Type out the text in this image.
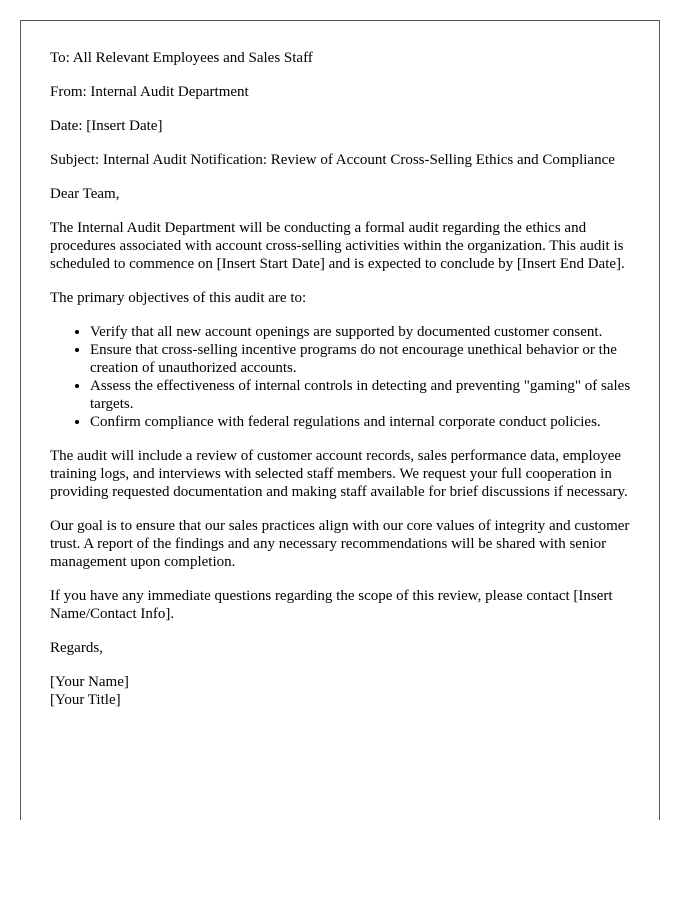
To: All Relevant Employees and Sales Staff

From: Internal Audit Department

Date: [Insert Date]

Subject: Internal Audit Notification: Review of Account Cross-Selling Ethics and Compliance

Dear Team,

The Internal Audit Department will be conducting a formal audit regarding the ethics and procedures associated with account cross-selling activities within the organization. This audit is scheduled to commence on [Insert Start Date] and is expected to conclude by [Insert End Date].

The primary objectives of this audit are to:

• Verify that all new account openings are supported by documented customer consent.
• Ensure that cross-selling incentive programs do not encourage unethical behavior or the creation of unauthorized accounts.
• Assess the effectiveness of internal controls in detecting and preventing "gaming" of sales targets.
• Confirm compliance with federal regulations and internal corporate conduct policies.

The audit will include a review of customer account records, sales performance data, employee training logs, and interviews with selected staff members. We request your full cooperation in providing requested documentation and making staff available for brief discussions if necessary.

Our goal is to ensure that our sales practices align with our core values of integrity and customer trust. A report of the findings and any necessary recommendations will be shared with senior management upon completion.

If you have any immediate questions regarding the scope of this review, please contact [Insert Name/Contact Info].

Regards,

[Your Name]

[Your Title]
